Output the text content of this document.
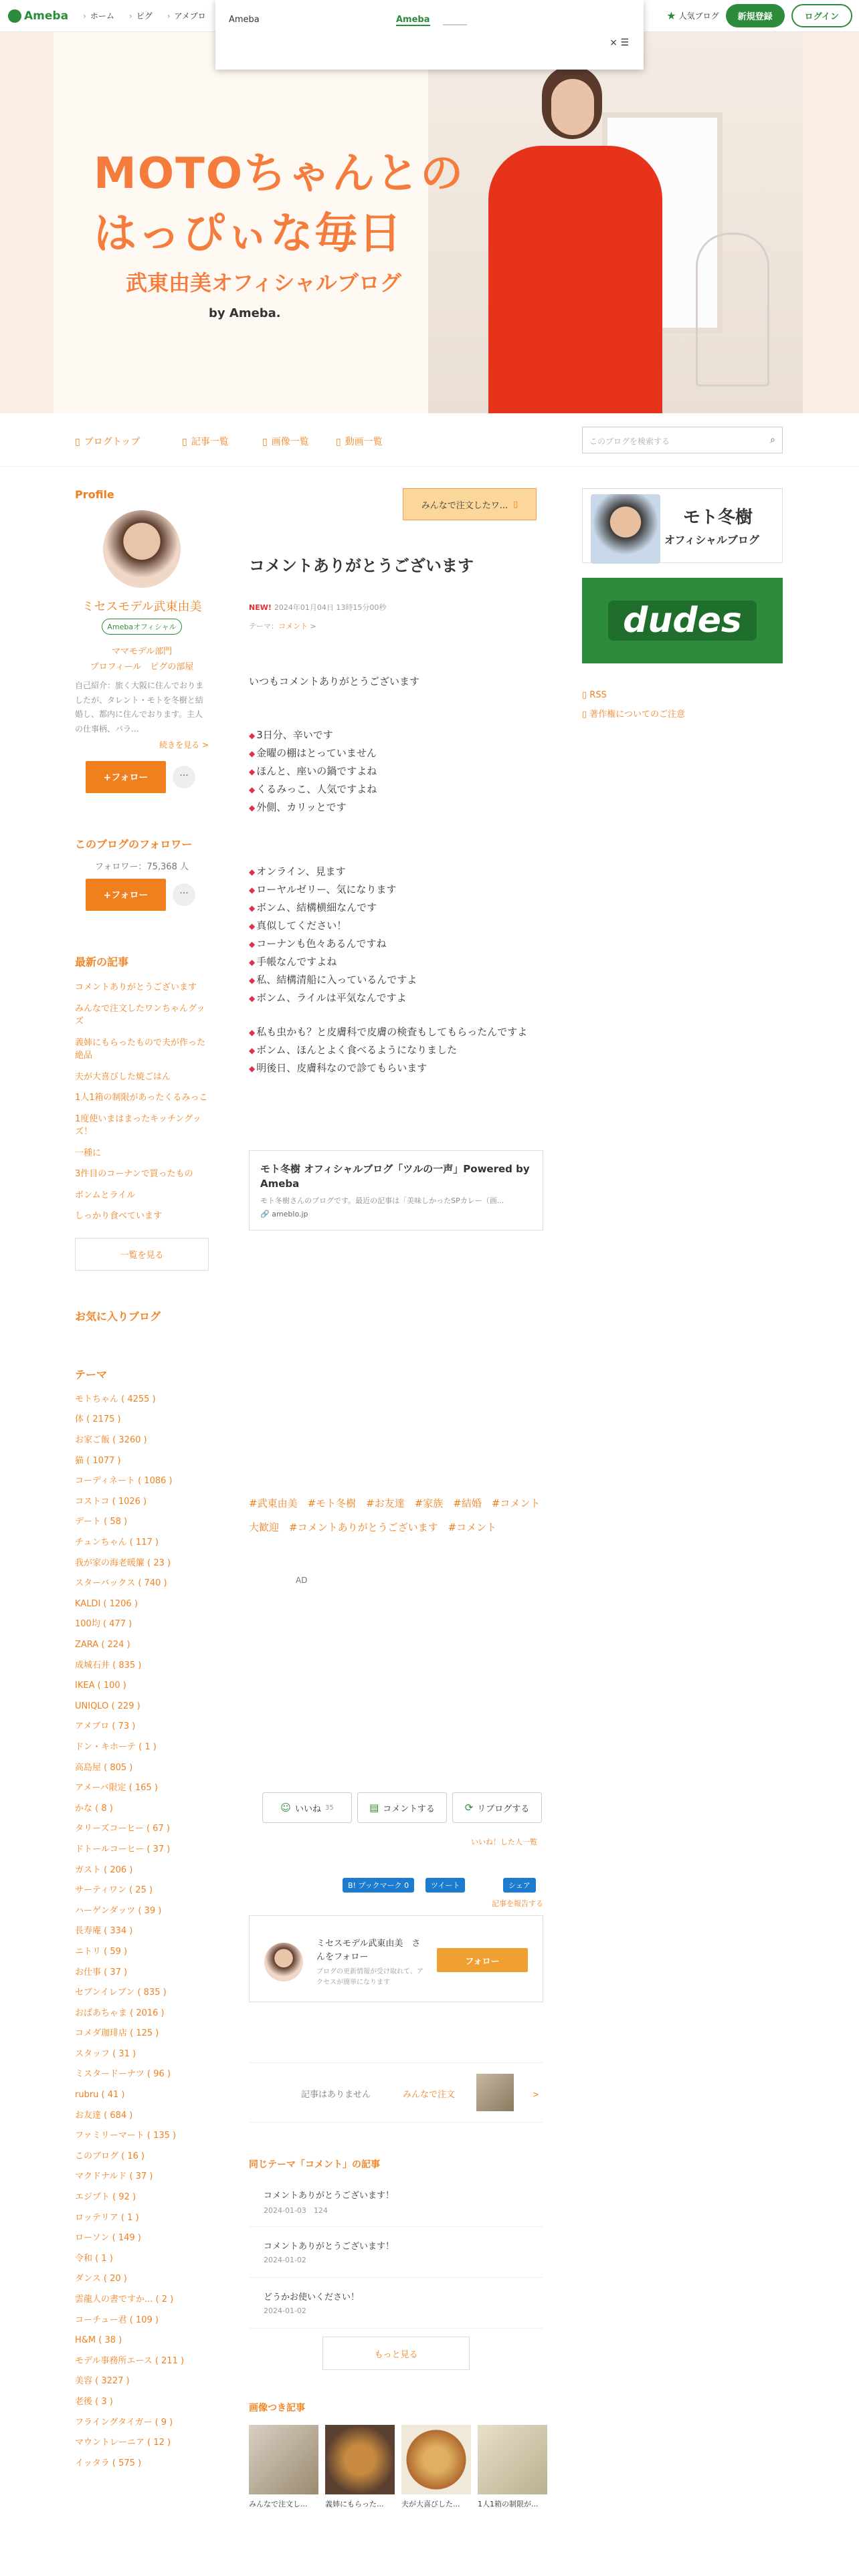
Ameba	› ホーム	› ピグ	› アメブロ	★ 人気ブログ	新規登録	ログイン
Ameba	Ameba
× ☰
MOTOちゃんとの
はっぴぃな毎日
武東由美オフィシャルブログ
by Ameba.
▯ ブログトップ	▯ 記事一覧	▯ 画像一覧	▯ 動画一覧	このブログを検索する	⌕
Profile
ミセスモデル武東由美
Amebaオフィシャル
ママモデル部門
プロフィール　ピグの部屋
自己紹介：旅く大阪に住んでおりましたが、タレント・モトを冬樹と結婚し、都内に住んでおります。主人の仕事柄、パラ...
続きを見る >
+フォロー	···
このブログのフォロワー
フォロワー：75,368 人
+フォロー	···
最新の記事
コメントありがとうございます
みんなで注文したワンちゃんグッズ
義姉にもらったもので夫が作った絶品
夫が大喜びした焼ごはん
1人1箱の制限があったくるみっこ
1度使いまはまったキッチングッズ！
一種に
3件目のコーナンで買ったもの
ボンムとライル
しっかり食べています
一覧を見る
お気に入りブログ
テーマ
モトちゃん ( 4255 )
体 ( 2175 )
お家ご飯 ( 3260 )
猫 ( 1077 )
コーディネート ( 1086 )
コストコ ( 1026 )
デート ( 58 )
チュンちゃん ( 117 )
我が家の海老暖簾 ( 23 )
スターバックス ( 740 )
KALDI ( 1206 )
100均 ( 477 )
ZARA ( 224 )
成城石井 ( 835 )
IKEA ( 100 )
UNIQLO ( 229 )
アメブロ ( 73 )
ドン・キホーテ ( 1 )
高島屋 ( 805 )
アメーバ限定 ( 165 )
かな ( 8 )
タリーズコーヒー ( 67 )
ドトールコーヒー ( 37 )
ガスト ( 206 )
サーティワン ( 25 )
ハーゲンダッツ ( 39 )
長寿庵 ( 334 )
ニトリ ( 59 )
お仕事 ( 37 )
セブンイレブン ( 835 )
おばあちゃま ( 2016 )
コメダ珈琲店 ( 125 )
スタッフ ( 31 )
ミスタードーナツ ( 96 )
rubru ( 41 )
お友達 ( 684 )
ファミリーマート ( 135 )
このブログ ( 16 )
マクドナルド ( 37 )
エジプト ( 92 )
ロッテリア ( 1 )
ローソン ( 149 )
令和 ( 1 )
ダンス ( 20 )
雲龍人の書ですか... ( 2 )
コーチュー君 ( 109 )
H&M ( 38 )
モデル事務所エース ( 211 )
美容 ( 3227 )
老後 ( 3 )
フライングタイガー ( 9 )
マウントレーニア ( 12 )
イッタラ ( 575 )
みんなで注文したワ... ▯
コメントありがとうございます
NEW! 2024年01月04日 13時15分00秒
テーマ：コメント >
いつもコメントありがとうございます
◆ 3日分、辛いです
◆ 金曜の棚はとっていません
◆ ほんと、座いの鍋ですよね
◆ くるみっこ、人気ですよね
◆ 外側、カリッとです
◆ オンライン、見ます
◆ ローヤルゼリー、気になります
◆ ボンム、結構横細なんです
◆ 真似してください！
◆ コーナンも色々あるんですね
◆ 手帳なんですよね
◆ 私、結構清船に入っているんですよ
◆ ボンム、ライルは平気なんですよ
◆ 私も虫かも？と皮膚科で皮膚の検査もしてもらったんですよ
◆ ボンム、ほんとよく食べるようになりました
◆ 明後日、皮膚科なので診てもらいます
モト冬樹 オフィシャルブログ「ツルの一声」Powered by Ameba
モト冬樹さんのブログです。最近の記事は「美味しかったSPカレー（画...
🔗 ameblo.jp
#武東由美　#モト冬樹　#お友達　#家族　#結婚　#コメント大歓迎　#コメントありがとうございます　#コメント
AD
☺ いいね 35	▤ コメントする	⟳ リブログする
いいね！した人一覧
B! ブックマーク 0	ツイート	シェア
記事を報告する
ミセスモデル武東由美　さんをフォロー
ブログの更新情報が受け取れて、アクセスが簡単になります
フォロー
記事はありません	みんなで注文	>
同じテーマ「コメント」の記事
コメントありがとうございます！
2024-01-03　124
コメントありがとうございます！
2024-01-02
どうかお使いください！
2024-01-02
もっと見る
画像つき記事
みんなで注文し...	義姉にもらった...	夫が大喜びした...	1人1箱の制限が...
モト冬樹
オフィシャルブログ
dudes
▯ RSS
▯ 著作権についてのご注意
